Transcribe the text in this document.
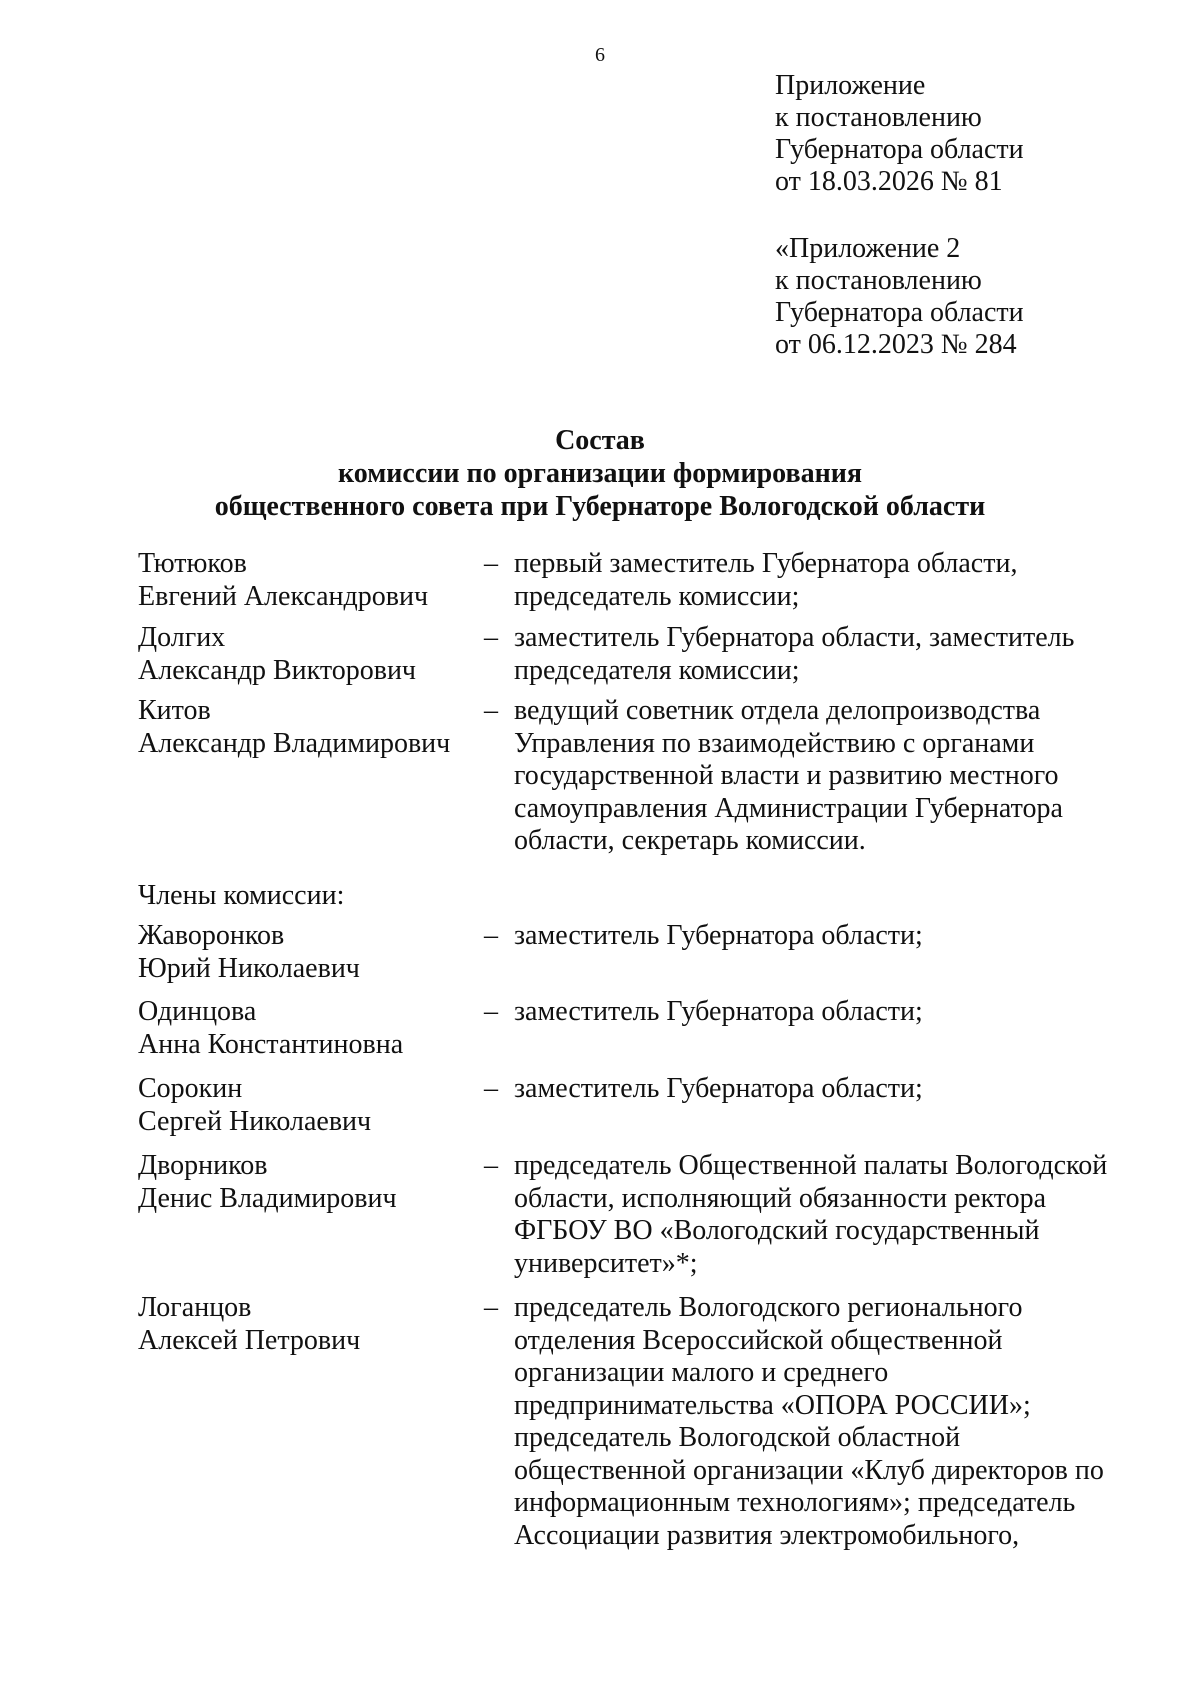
6
Приложение
к постановлению
Губернатора области
от 18.03.2026 № 81
«Приложение 2
к постановлению
Губернатора области
от 06.12.2023 № 284
Состав
комиссии по организации формирования
общественного совета при Губернаторе Вологодской области
Тютюков
Евгений Александрович
– первый заместитель Губернатора области,
председатель комиссии;
Долгих
Александр Викторович
– заместитель Губернатора области, заместитель
председателя комиссии;
Китов
Александр Владимирович
– ведущий советник отдела делопроизводства
Управления по взаимодействию с органами
государственной власти и развитию местного
самоуправления Администрации Губернатора
области, секретарь комиссии.
Члены комиссии:
Жаворонков
Юрий Николаевич
– заместитель Губернатора области;
Одинцова
Анна Константиновна
– заместитель Губернатора области;
Сорокин
Сергей Николаевич
– заместитель Губернатора области;
Дворников
Денис Владимирович
– председатель Общественной палаты Вологодской
области, исполняющий обязанности ректора
ФГБОУ ВО «Вологодский государственный
университет»*;
Логанцов
Алексей Петрович
– председатель Вологодского регионального
отделения Всероссийской общественной
организации малого и среднего
предпринимательства «ОПОРА РОССИИ»;
председатель Вологодской областной
общественной организации «Клуб директоров по
информационным технологиям»; председатель
Ассоциации развития электромобильного,
